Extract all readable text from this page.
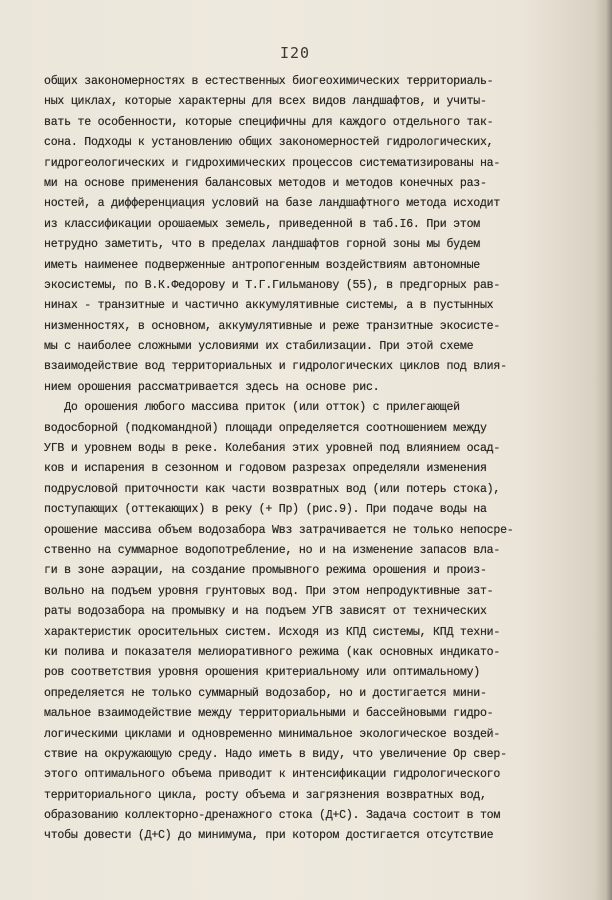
I20
общих закономерностях в естественных биогеохимических территориаль-
ных циклах, которые характерны для всех видов ландшафтов, и учиты-
вать те особенности, которые специфичны для каждого отдельного так-
сона. Подходы к установлению общих закономерностей гидрологических,
гидрогеологических и гидрохимических процессов систематизированы на-
ми на основе применения балансовых методов и методов конечных раз-
ностей, а дифференциация условий на базе ландшафтного метода исходит
из классификации орошаемых земель, приведенной в таб.I6. При этом
нетрудно заметить, что в пределах ландшафтов горной зоны мы будем
иметь наименее подверженные антропогенным воздействиям автономные
экосистемы, по В.К.Федорову и Т.Г.Гильманову (55), в предгорных рав-
нинах - транзитные и частично аккумулятивные системы, а в пустынных
низменностях, в основном, аккумулятивные и реже транзитные экосисте-
мы с наиболее сложными условиями их стабилизации. При этой схеме
взаимодействие вод территориальных и гидрологических циклов под влия-
нием орошения рассматривается здесь на основе рис.
До орошения любого массива приток (или отток) с прилегающей
водосборной (подкомандной) площади определяется соотношением между
УГВ и уровнем воды в реке. Колебания этих уровней под влиянием осад-
ков и испарения в сезонном и годовом разрезах определяли изменения
подрусловой приточности как части возвратных вод (или потерь стока),
поступающих (оттекающих) в реку (+ Пр) (рис.9). При подаче воды на
орошение массива объем водозабора Wвз затрачивается не только непосре-
ственно на суммарное водопотребление, но и на изменение запасов вла-
ги в зоне аэрации, на создание промывного режима орошения и произ-
вольно на подъем уровня грунтовых вод. При этом непродуктивные зат-
раты водозабора на промывку и на подъем УГВ зависят от технических
характеристик оросительных систем. Исходя из КПД системы, КПД техни-
ки полива и показателя мелиоративного режима (как основных индикато-
ров соответствия уровня орошения критериальному или оптимальному)
определяется не только суммарный водозабор, но и достигается мини-
мальное взаимодействие между территориальными и бассейновыми гидро-
логическими циклами и одновременно минимальное экологическое воздей-
ствие на окружающую среду. Надо иметь в виду, что увеличение Ор свер-
этого оптимального объема приводит к интенсификации гидрологического
территориального цикла, росту объема и загрязнения возвратных вод,
образованию коллекторно-дренажного стока (Д+С). Задача состоит в том
чтобы довести (Д+С) до минимума, при котором достигается отсутствие
